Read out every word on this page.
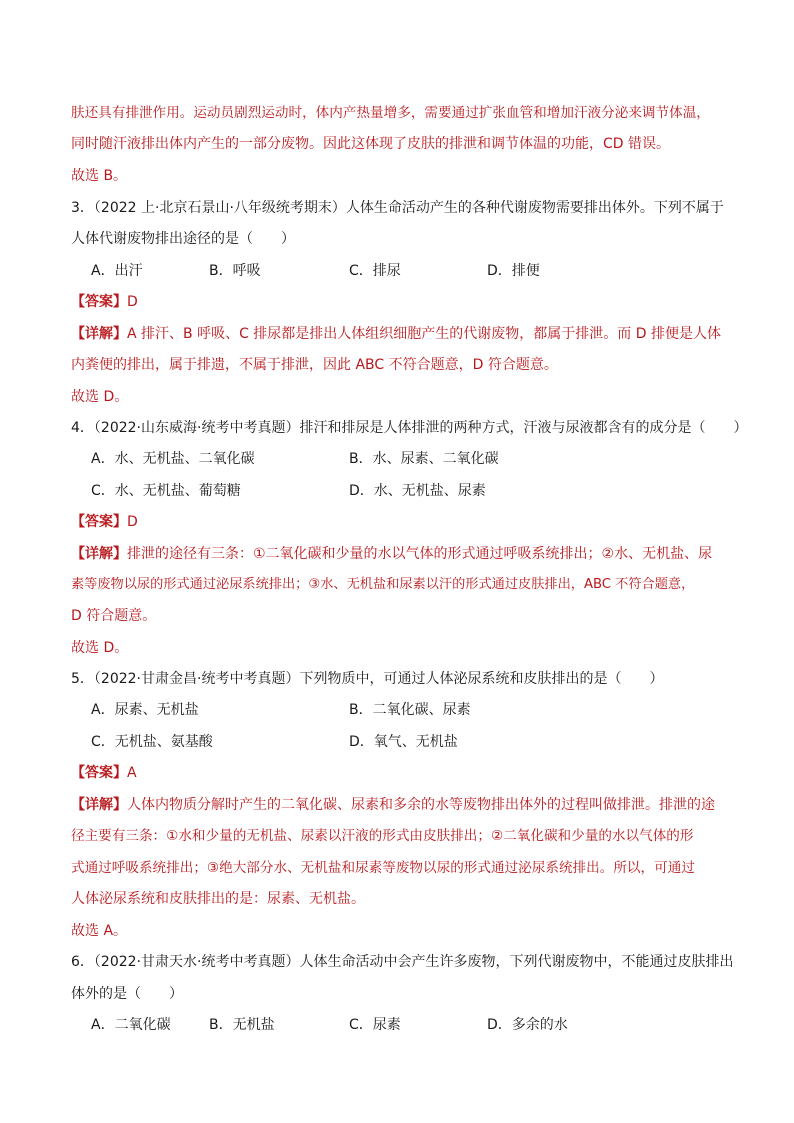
肤还具有排泄作用。运动员剧烈运动时，体内产热量增多，需要通过扩张血管和增加汗液分泌来调节体温，
同时随汗液排出体内产生的一部分废物。因此这体现了皮肤的排泄和调节体温的功能，CD 错误。
故选 B。
3．（2022 上·北京石景山·八年级统考期末）人体生命活动产生的各种代谢废物需要排出体外。下列不属于
人体代谢废物排出途径的是（　　）
A．出汗	B．呼吸	C．排尿	D．排便
【答案】D
【详解】A 排汗、B 呼吸、C 排尿都是排出人体组织细胞产生的代谢废物，都属于排泄。而 D 排便是人体
内粪便的排出，属于排遗，不属于排泄，因此 ABC 不符合题意，D 符合题意。
故选 D。
4．（2022·山东威海·统考中考真题）排汗和排尿是人体排泄的两种方式，汗液与尿液都含有的成分是（　　）
A．水、无机盐、二氧化碳	B．水、尿素、二氧化碳
C．水、无机盐、葡萄糖	D．水、无机盐、尿素
【答案】D
素等废物以尿的形式通过泌尿系统排出；③水、无机盐和尿素以汗的形式通过皮肤排出，ABC 不符合题意，
【详解】排泄的途径有三条：①二氧化碳和少量的水以气体的形式通过呼吸系统排出；②水、无机盐、尿
D 符合题意。
故选 D。
5．（2022·甘肃金昌·统考中考真题）下列物质中，可通过人体泌尿系统和皮肤排出的是（　　）
A．尿素、无机盐	B．二氧化碳、尿素
C．无机盐、氨基酸	D．氧气、无机盐
【答案】A
【详解】人体内物质分解时产生的二氧化碳、尿素和多余的水等废物排出体外的过程叫做排泄。排泄的途
径主要有三条：①水和少量的无机盐、尿素以汗液的形式由皮肤排出；②二氧化碳和少量的水以气体的形
式通过呼吸系统排出；③绝大部分水、无机盐和尿素等废物以尿的形式通过泌尿系统排出。所以，可通过
人体泌尿系统和皮肤排出的是：尿素、无机盐。
故选 A。
6．（2022·甘肃天水·统考中考真题）人体生命活动中会产生许多废物，下列代谢废物中，不能通过皮肤排出
体外的是（　　）
A．二氧化碳	B．无机盐	C．尿素	D．多余的水
